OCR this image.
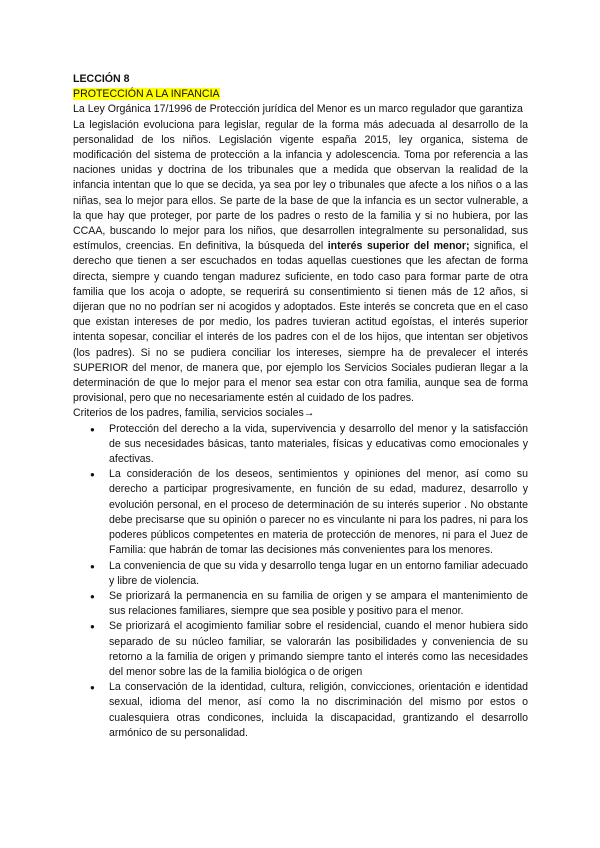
LECCIÓN 8
PROTECCIÓN A LA INFANCIA

La Ley Orgánica 17/1996 de Protección jurídica del Menor es un marco regulador que garantiza

La legislación evoluciona para legislar, regular de la forma más adecuada al desarrollo de la personalidad de los niños. Legislación vigente españa 2015, ley organica, sistema de modificación del sistema de protección a la infancia y adolescencia. Toma por referencia a las naciones unidas y doctrina de los tribunales que a medida que observan la realidad de la infancia intentan que lo que se decida, ya sea por ley o tribunales que afecte a los niños o a las niñas, sea lo mejor para ellos. Se parte de la base de que la infancia es un sector vulnerable, a la que hay que proteger, por parte de los padres o resto de la familia y si no hubiera, por las CCAA, buscando lo mejor para los niños, que desarrollen integralmente su personalidad, sus estímulos, creencias. En definitiva, la búsqueda del interés superior del menor; significa, el derecho que tienen a ser escuchados en todas aquellas cuestiones que les afectan de forma directa, siempre y cuando tengan madurez suficiente, en todo caso para formar parte de otra familia que los acoja o adopte, se requerirá su consentimiento si tienen más de 12 años, si dijeran que no no podrían ser ni acogidos y adoptados. Este interés se concreta que en el caso que existan intereses de por medio, los padres tuvieran actitud egoístas, el interés superior intenta sopesar, conciliar el interés de los padres con el de los hijos, que intentan ser objetivos (los padres). Si no se pudiera conciliar los intereses, siempre ha de prevalecer el interés SUPERIOR del menor, de manera que, por ejemplo los Servicios Sociales pudieran llegar a la determinación de que lo mejor para el menor sea estar con otra familia, aunque sea de forma provisional, pero que no necesariamente estén al cuidado de los padres.

Criterios de los padres, familia, servicios sociales→

● Protección del derecho a la vida, supervivencia y desarrollo del menor y la satisfacción de sus necesidades básicas, tanto materiales, físicas y educativas como emocionales y afectivas.
● La consideración de los deseos, sentimientos y opiniones del menor, así como su derecho a participar progresivamente, en función de su edad, madurez, desarrollo y evolución personal, en el proceso de determinación de su interés superior . No obstante debe precisarse que su opinión o parecer no es vinculante ni para los padres, ni para los poderes públicos competentes en materia de protección de menores, ni para el Juez de Familia: que habrán de tomar las decisiones más convenientes para los menores.
● La conveniencia de que su vida y desarrollo tenga lugar en un entorno familiar adecuado y libre de violencia.
● Se priorizará la permanencia en su familia de origen y se ampara el mantenimiento de sus relaciones familiares, siempre que sea posible y positivo para el menor.
● Se priorizará el acogimiento familiar sobre el residencial, cuando el menor hubiera sido separado de su núcleo familiar, se valorarán las posibilidades y conveniencia de su retorno a la familia de origen y primando siempre tanto el interés como las necesidades del menor sobre las de la familia biológica o de origen
● La conservación de la identidad, cultura, religión, convicciones, orientación e identidad sexual, idioma del menor, así como la no discriminación del mismo por estos o cualesquiera otras condicones, incluida la discapacidad, grantizando el desarrollo armónico de su personalidad.
